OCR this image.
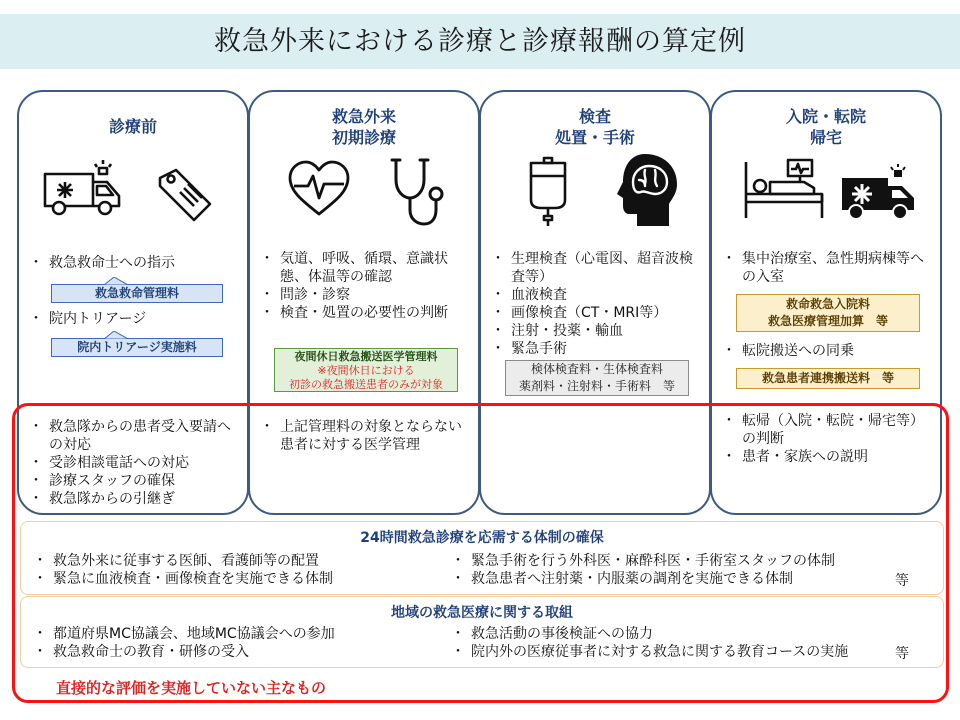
救急外来における診療と診療報酬の算定例
診療前
・ 救急救命士への指示
救急救命管理料
・ 院内トリアージ
院内トリアージ実施料
・ 救急隊からの患者受入要請への対応
・ 受診相談電話への対応
・ 診療スタッフの確保
・ 救急隊からの引継ぎ
救急外来
初期診療
・ 気道、呼吸、循環、意識状態、体温等の確認
・ 問診・診察
・ 検査・処置の必要性の判断
夜間休日救急搬送医学管理料
※夜間休日における
初診の救急搬送患者のみが対象
・ 上記管理料の対象とならない患者に対する医学管理
検査
処置・手術
・ 生理検査（心電図、超音波検査等）
・ 血液検査
・ 画像検査（CT・MRI等）
・ 注射・投薬・輸血
・ 緊急手術
検体検査料・生体検査料
薬剤料・注射料・手術料　等
入院・転院
帰宅
・ 集中治療室、急性期病棟等への入室
救命救急入院料
救急医療管理加算　等
・ 転院搬送への同乗
救急患者連携搬送料　等
・ 転帰（入院・転院・帰宅等）の判断
・ 患者・家族への説明
24時間救急診療を応需する体制の確保
・ 救急外来に従事する医師、看護師等の配置
・ 緊急に血液検査・画像検査を実施できる体制
・ 緊急手術を行う外科医・麻酔科医・手術室スタッフの体制
・ 救急患者へ注射薬・内服薬の調剤を実施できる体制	等
地域の救急医療に関する取組
・ 都道府県MC協議会、地域MC協議会への参加
・ 救急救命士の教育・研修の受入
・ 救急活動の事後検証への協力
・ 院内外の医療従事者に対する救急に関する教育コースの実施	等
直接的な評価を実施していない主なもの
